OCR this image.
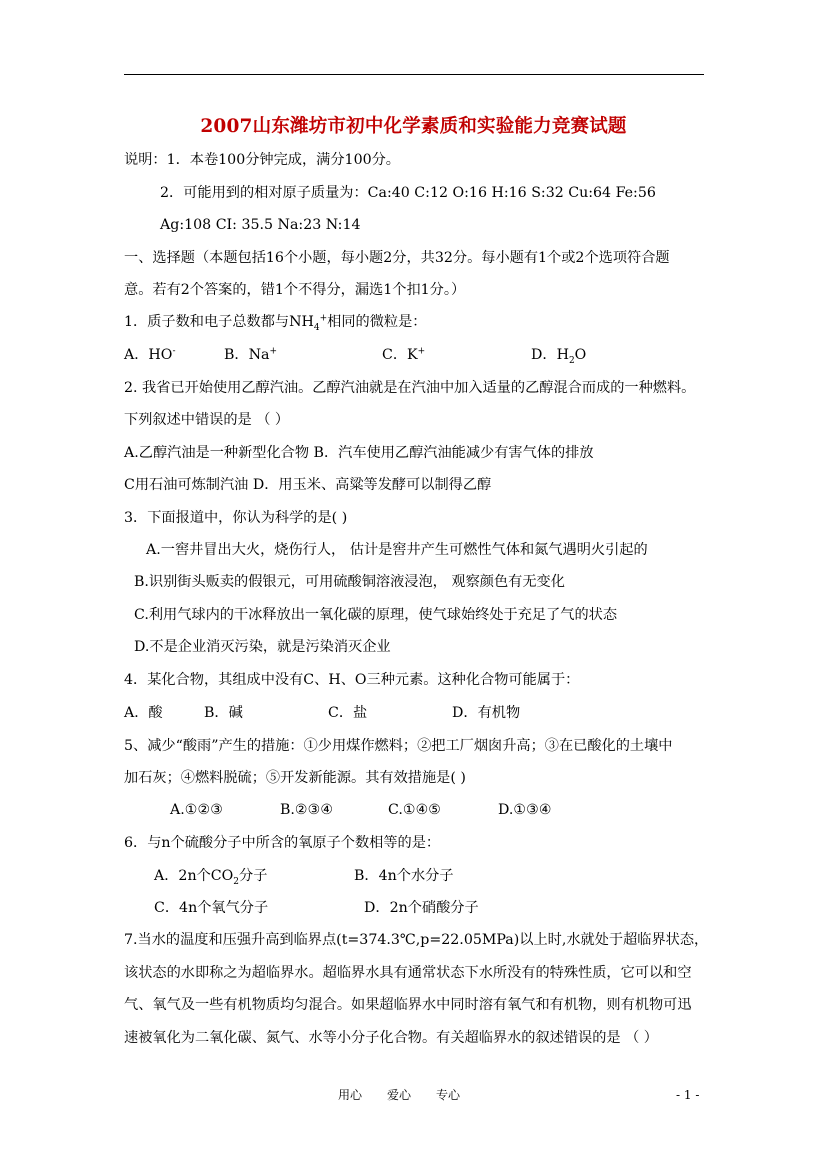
2007山东潍坊市初中化学素质和实验能力竞赛试题
说明：1．本卷100分钟完成，满分100分。
2．可能用到的相对原子质量为：Ca:40 C:12 O:16 H:16 S:32 Cu:64 Fe:56
Ag:108 CI: 35.5 Na:23 N:14
一、选择题（本题包括16个小题，每小题2分，共32分。每小题有1个或2个选项符合题
意。若有2个答案的，错1个不得分，漏选1个扣1分。）
1．质子数和电子总数都与$NH_4^+$相同的微粒是：
A．HO-	B．Na+	C．K+	D．$H_2O$
2. 我省已开始使用乙醇汽油。乙醇汽油就是在汽油中加入适量的乙醇混合而成的一种燃料。
下列叙述中错误的是 （ ）
A.乙醇汽油是一种新型化合物 B．汽车使用乙醇汽油能减少有害气体的排放
C用石油可炼制汽油 D．用玉米、高粱等发酵可以制得乙醇
3．下面报道中，你认为科学的是( )
A.一窖井冒出大火，烧伤行人， 估计是窖井产生可燃性气体和氮气遇明火引起的
B.识别街头贩卖的假银元，可用硫酸铜溶液浸泡， 观察颜色有无变化
C.利用气球内的干冰释放出一氧化碳的原理，使气球始终处于充足了气的状态
D.不是企业消灭污染，就是污染消灭企业
4．某化合物，其组成中没有C、H、O三种元素。这种化合物可能属于：
A．酸	B．碱	C．盐	D．有机物
5、减少“酸雨”产生的措施：①少用煤作燃料；②把工厂烟囱升高；③在已酸化的土壤中
加石灰；④燃料脱硫；⑤开发新能源。其有效措施是( )
A.①②③	B.②③④	C.①④⑤	D.①③④
6．与n个硫酸分子中所含的氧原子个数相等的是：
A．2n个$CO_2$分子	B．4n个水分子
C．4n个氧气分子	D．2n个硝酸分子
7.当水的温度和压强升高到临界点(t=374.3℃,p=22.05MPa)以上时,水就处于超临界状态，
该状态的水即称之为超临界水。超临界水具有通常状态下水所没有的特殊性质，它可以和空
气、氧气及一些有机物质均匀混合。如果超临界水中同时溶有氧气和有机物，则有机物可迅
速被氧化为二氧化碳、氮气、水等小分子化合物。有关超临界水的叙述错误的是 （ ）
用心 爱心 专心	- 1 -
